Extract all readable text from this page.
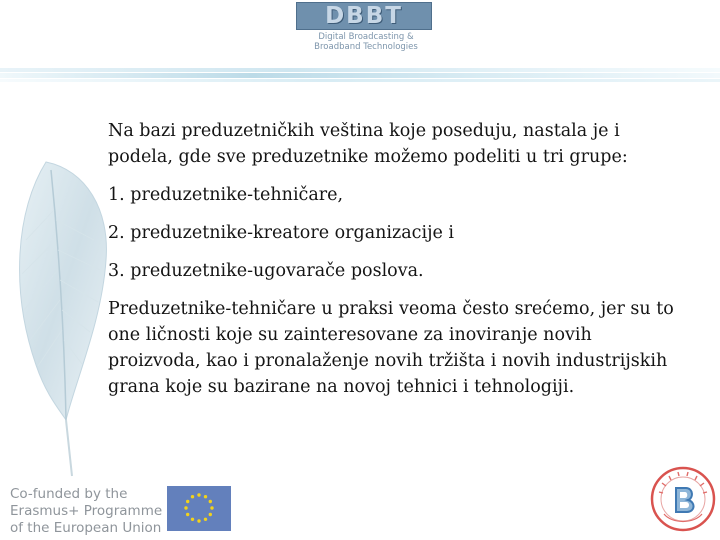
DBBT
Digital Broadcasting &
Broadband Technologies

Na bazi preduzetničkih veština koje poseduju, nastala je i podela, gde sve preduzetnike možemo podeliti u tri grupe:

1. preduzetnike-tehničare,

2. preduzetnike-kreatore organizacije i

3. preduzetnike-ugovarače poslova.

Preduzetnike-tehničare u praksi veoma često srećemo, jer su to one ličnosti koje su zainteresovane za inoviranje novih proizvoda, kao i pronalaženje novih tržišta i novih industrijskih grana koje su bazirane na novoj tehnici i tehnologiji.

Co-funded by the
Erasmus+ Programme
of the European Union
